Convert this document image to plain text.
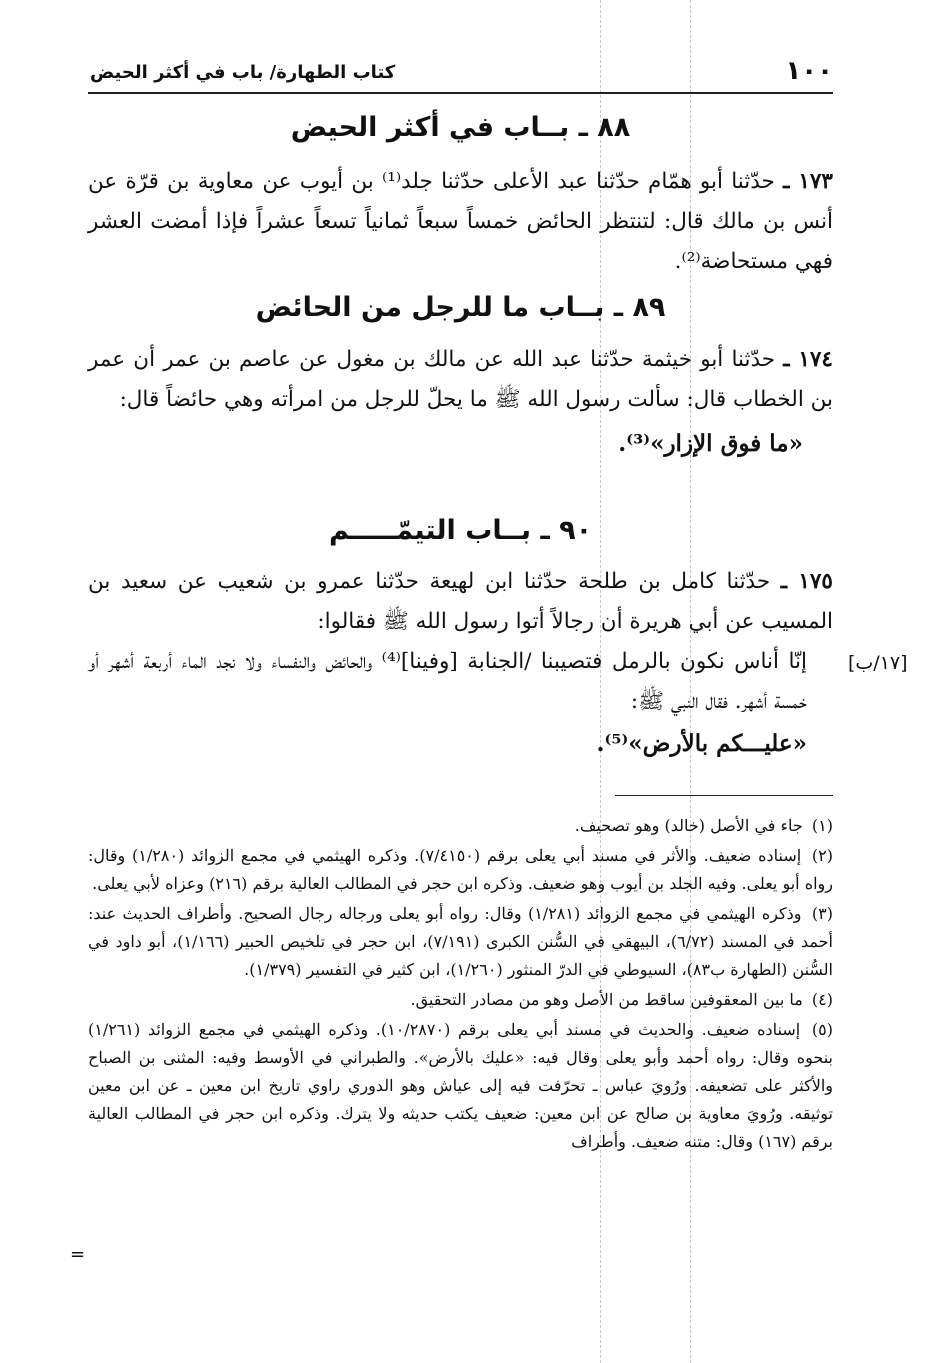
١٠٠
كتاب الطهارة/ باب في أكثر الحيض
٨٨ ـ بــاب في أكثر الحيض

١٧٣ ـ حدّثنا أبو همّام حدّثنا عبد الأعلى حدّثنا جلد⁽¹⁾ بن أيوب عن معاوية بن قرّة عن أنس بن مالك قال: لتنتظر الحائض خمساً سبعاً ثمانياً تسعاً عشراً فإذا أمضت العشر فهي مستحاضة⁽²⁾.

٨٩ ـ بــاب ما للرجل من الحائض

١٧٤ ـ حدّثنا أبو خيثمة حدّثنا عبد الله عن مالك بن مغول عن عاصم بن عمر أن عمر بن الخطاب قال: سألت رسول الله ﷺ ما يحلّ للرجل من امرأته وهي حائضاً قال:

«ما فوق الإزار»⁽³⁾.

٩٠ ـ بــاب التيمّـــــم

١٧٥ ـ حدّثنا كامل بن طلحة حدّثنا ابن لهيعة حدّثنا عمرو بن شعيب عن سعيد بن المسيب عن أبي هريرة أن رجالاً أتوا رسول الله ﷺ فقالوا:

إنّا أناس نكون بالرمل فتصيبنا /الجنابة [وفينا]⁽⁴⁾ والحائض والنفساء ولا نجد الماء أربعة أشهر أو خمسة أشهر. فقال النبي ﷺ:

«عليـــكم بالأرض»⁽⁵⁾.

[١٧/ب]

(١) جاء في الأصل (خالد) وهو تصحيف.

(٢) إسناده ضعيف. والأثر في مسند أبي يعلى برقم (٧/٤١٥٠). وذكره الهيثمي في مجمع الزوائد (١/٢٨٠) وقال: رواه أبو يعلى. وفيه الجلد بن أيوب وهو ضعيف. وذكره ابن حجر في المطالب العالية برقم (٢١٦) وعزاه لأبي يعلى.

(٣) وذكره الهيثمي في مجمع الزوائد (١/٢٨١) وقال: رواه أبو يعلى ورجاله رجال الصحيح. وأطراف الحديث عند: أحمد في المسند (٦/٧٢)، البيهقي في السُّنن الكبرى (٧/١٩١)، ابن حجر في تلخيص الحبير (١/١٦٦)، أبو داود في السُّنن (الطهارة ب٨٣)، السيوطي في الدرّ المنثور (١/٢٦٠)، ابن كثير في التفسير (١/٣٧٩).

(٤) ما بين المعقوفين ساقط من الأصل وهو من مصادر التحقيق.

(٥) إسناده ضعيف. والحديث في مسند أبي يعلى برقم (١٠/٢٨٧٠). وذكره الهيثمي في مجمع الزوائد (١/٢٦١) بنحوه وقال: رواه أحمد وأبو يعلى وقال فيه: «عليك بالأرض». والطبراني في الأوسط وفيه: المثنى بن الصباح والأكثر على تضعيفه. ورُويَ عباس ـ تحرّفت فيه إلى عياش وهو الدوري راوي تاريخ ابن معين ـ عن ابن معين توثيقه. ورُويَ معاوية بن صالح عن ابن معين: ضعيف يكتب حديثه ولا يترك. وذكره ابن حجر في المطالب العالية برقم (١٦٧) وقال: متنه ضعيف. وأطراف

=
